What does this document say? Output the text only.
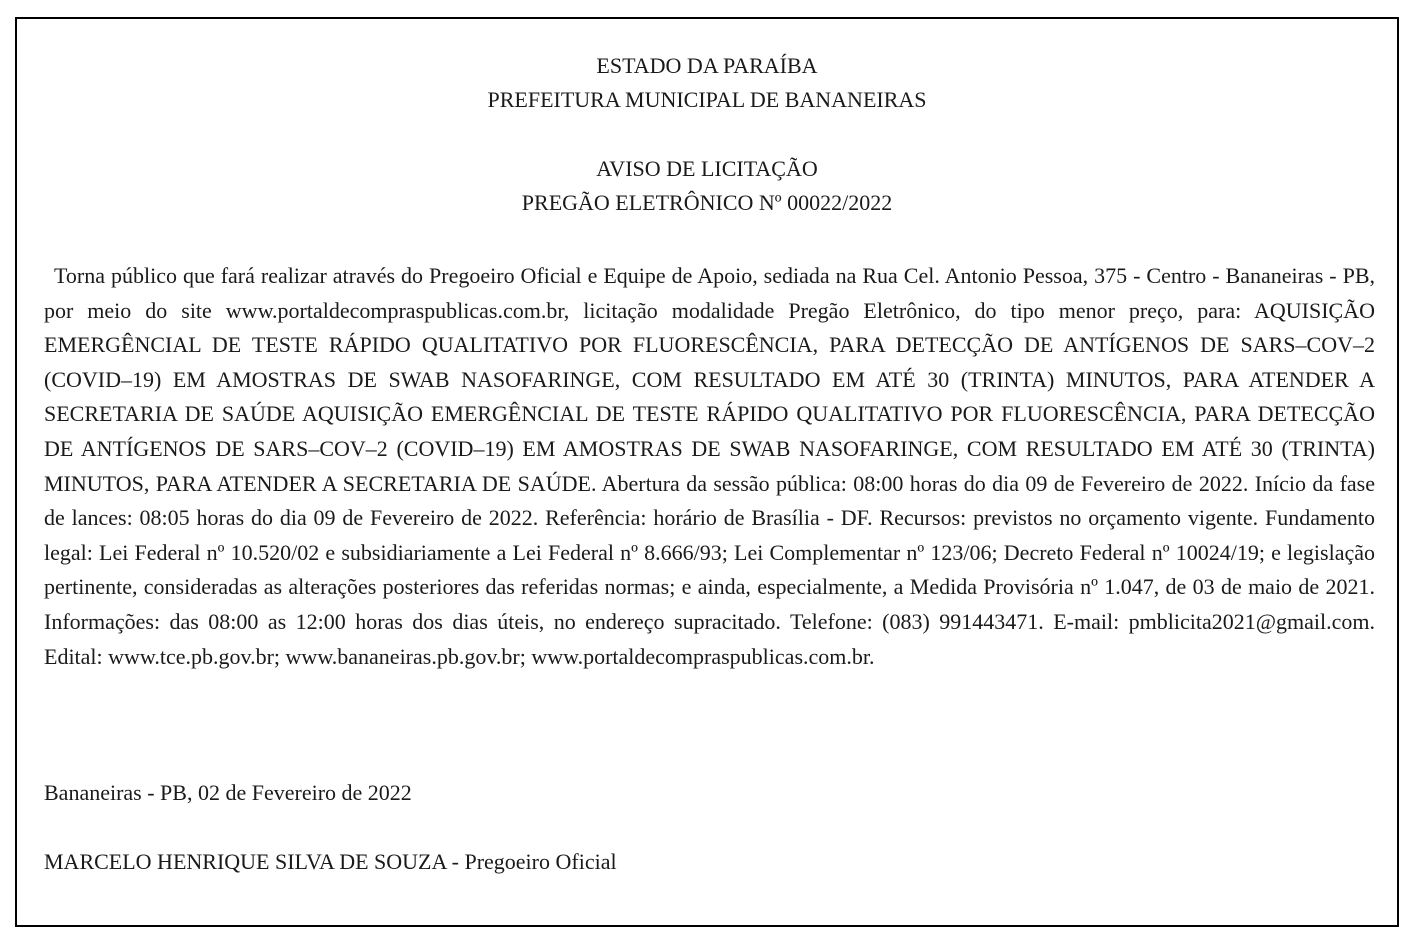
ESTADO DA PARAÍBA
PREFEITURA MUNICIPAL DE BANANEIRAS
AVISO DE LICITAÇÃO
PREGÃO ELETRÔNICO Nº 00022/2022

Torna público que fará realizar através do Pregoeiro Oficial e Equipe de Apoio, sediada na Rua Cel. Antonio Pessoa, 375 - Centro - Bananeiras - PB, por meio do site www.portaldecompraspublicas.com.br, licitação modalidade Pregão Eletrônico, do tipo menor preço, para: AQUISIÇÃO EMERGÊNCIAL DE TESTE RÁPIDO QUALITATIVO POR FLUORESCÊNCIA, PARA DETECÇÃO DE ANTÍGENOS DE SARS–COV–2 (COVID–19) EM AMOSTRAS DE SWAB NASOFARINGE, COM RESULTADO EM ATÉ 30 (TRINTA) MINUTOS, PARA ATENDER A SECRETARIA DE SAÚDE AQUISIÇÃO EMERGÊNCIAL DE TESTE RÁPIDO QUALITATIVO POR FLUORESCÊNCIA, PARA DETECÇÃO DE ANTÍGENOS DE SARS–COV–2 (COVID–19) EM AMOSTRAS DE SWAB NASOFARINGE, COM RESULTADO EM ATÉ 30 (TRINTA) MINUTOS, PARA ATENDER A SECRETARIA DE SAÚDE. Abertura da sessão pública: 08:00 horas do dia 09 de Fevereiro de 2022. Início da fase de lances: 08:05 horas do dia 09 de Fevereiro de 2022. Referência: horário de Brasília - DF. Recursos: previstos no orçamento vigente. Fundamento legal: Lei Federal nº 10.520/02 e subsidiariamente a Lei Federal nº 8.666/93; Lei Complementar nº 123/06; Decreto Federal nº 10024/19; e legislação pertinente, consideradas as alterações posteriores das referidas normas; e ainda, especialmente, a Medida Provisória nº 1.047, de 03 de maio de 2021. Informações: das 08:00 as 12:00 horas dos dias úteis, no endereço supracitado. Telefone: (083) 991443471. E-mail: pmblicita2021@gmail.com. Edital: www.tce.pb.gov.br; www.bananeiras.pb.gov.br; www.portaldecompraspublicas.com.br.

Bananeiras - PB, 02 de Fevereiro de 2022

MARCELO HENRIQUE SILVA DE SOUZA - Pregoeiro Oficial
